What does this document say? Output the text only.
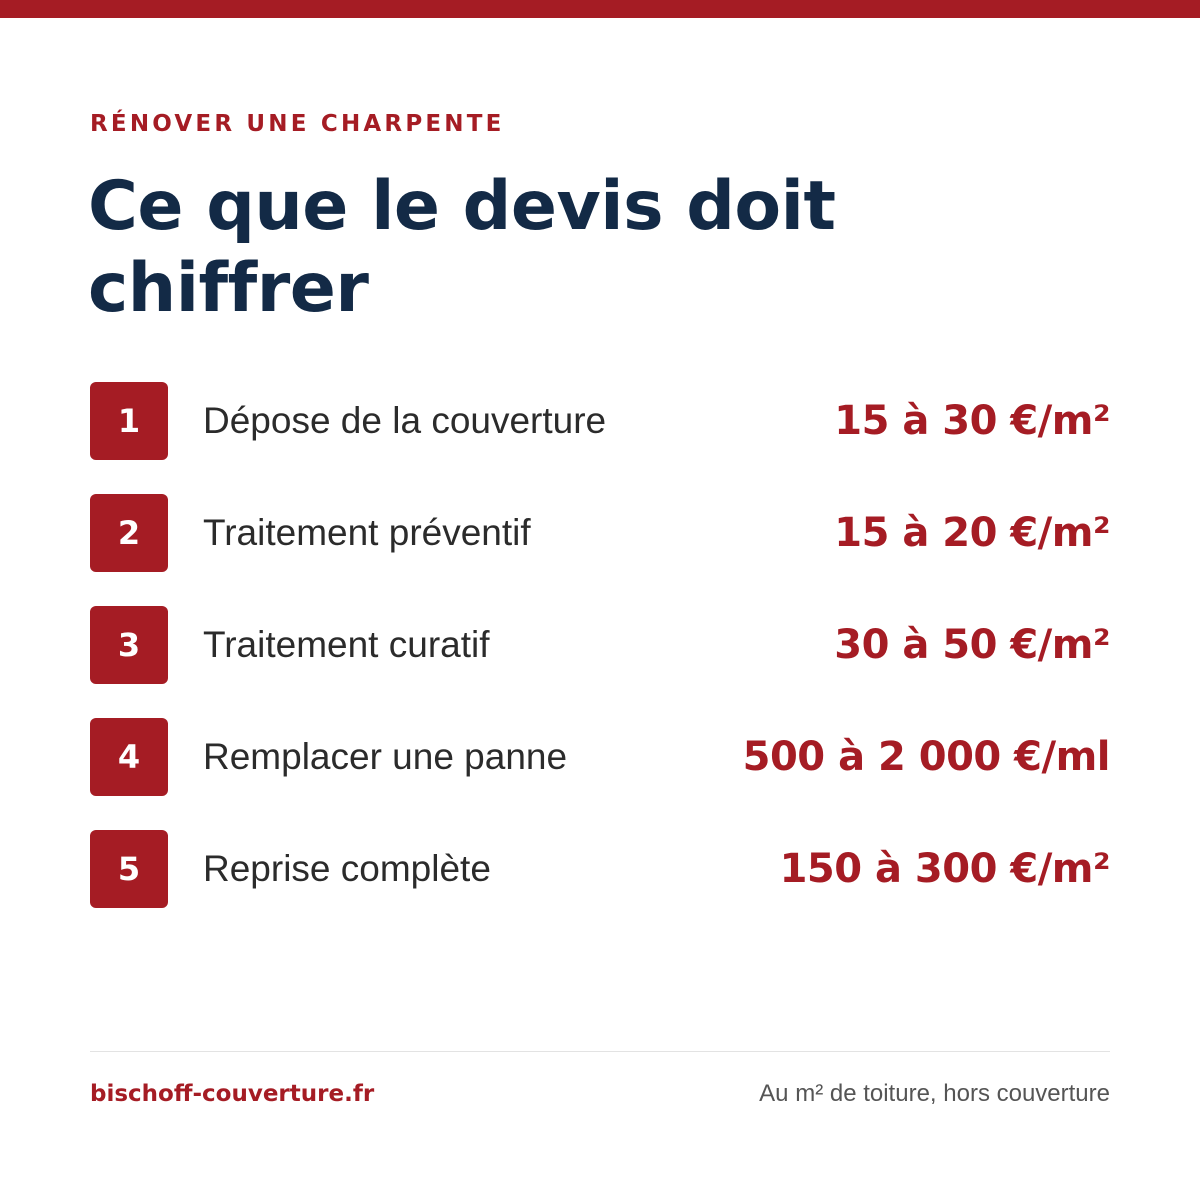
RÉNOVER UNE CHARPENTE
Ce que le devis doit
chiffrer
1	Dépose de la couverture	15 à 30 €/m²
2	Traitement préventif	15 à 20 €/m²
3	Traitement curatif	30 à 50 €/m²
4	Remplacer une panne	500 à 2 000 €/ml
5	Reprise complète	150 à 300 €/m²
bischoff-couverture.fr	Au m² de toiture, hors couverture
